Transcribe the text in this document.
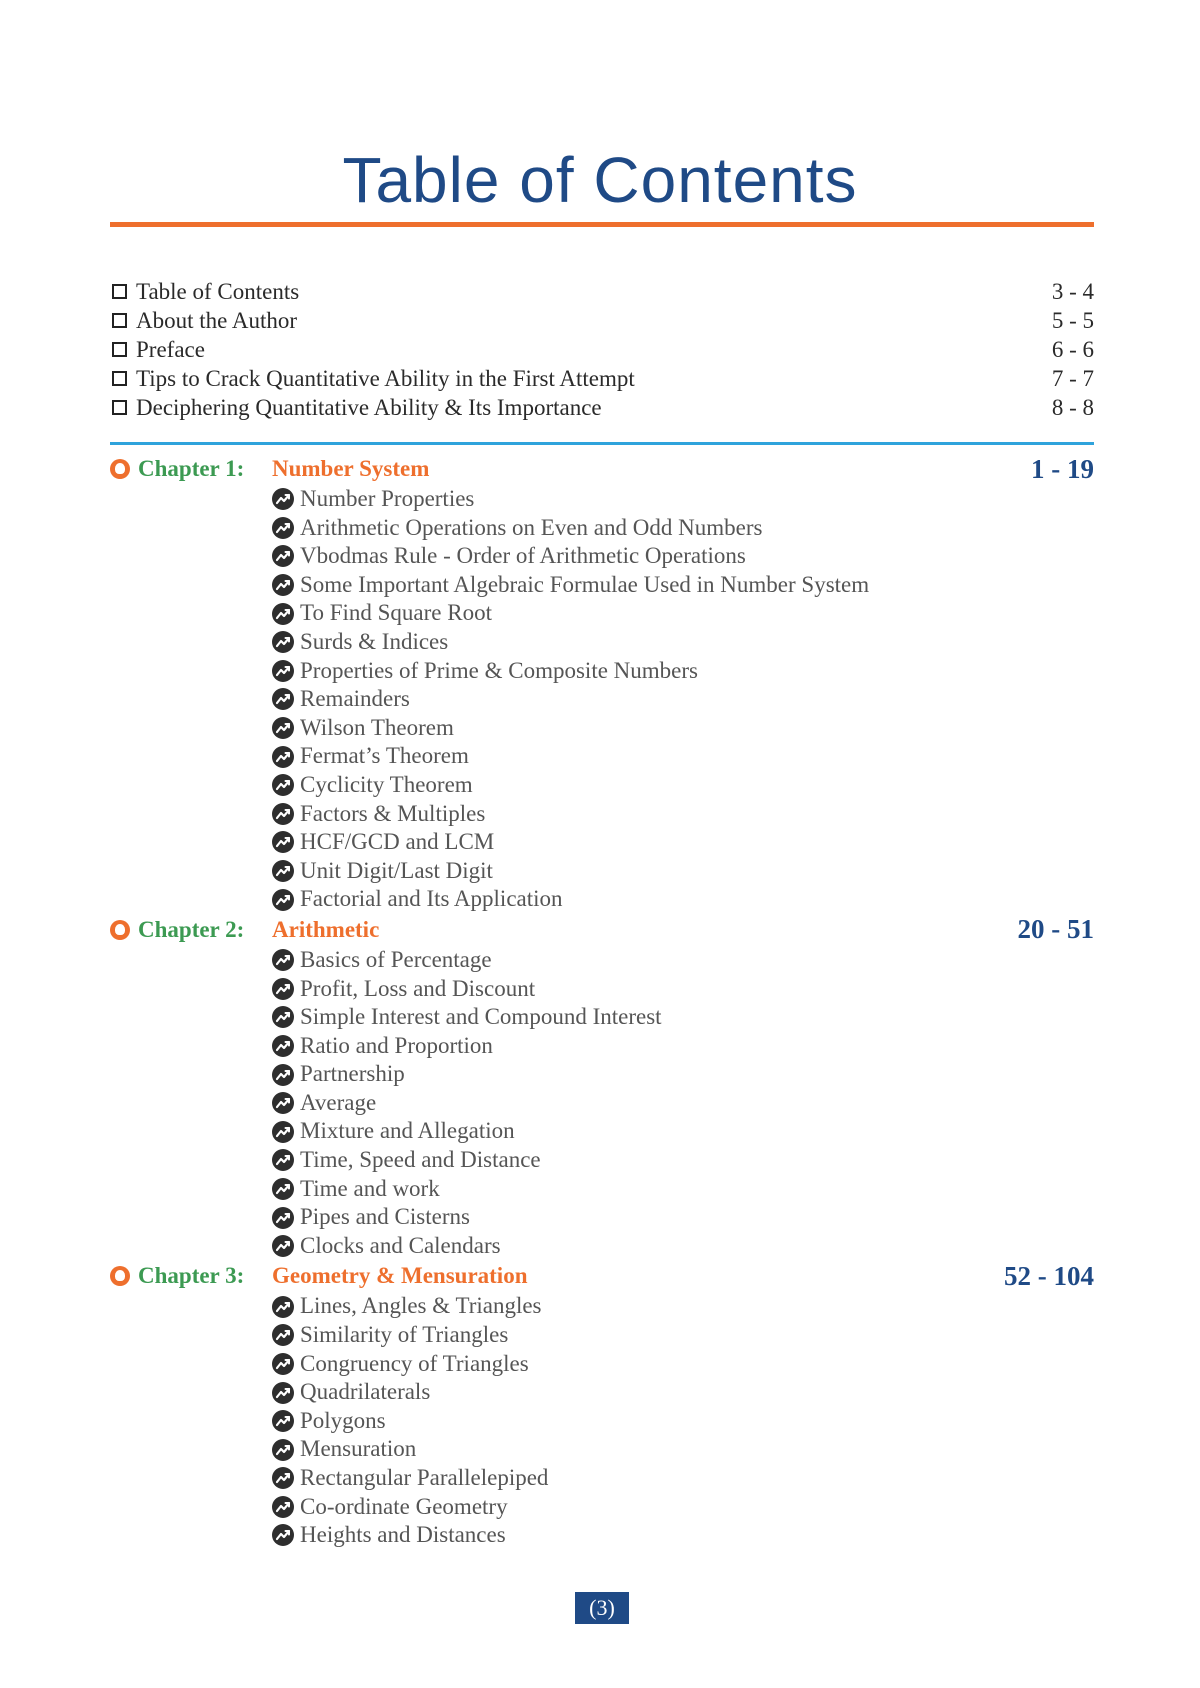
Table of Contents
Table of Contents	3 - 4
About the Author	5 - 5
Preface	6 - 6
Tips to Crack Quantitative Ability in the First Attempt	7 - 7
Deciphering Quantitative Ability & Its Importance	8 - 8
Chapter 1:	Number System	1 - 19
Number Properties
Arithmetic Operations on Even and Odd Numbers
Vbodmas Rule - Order of Arithmetic Operations
Some Important Algebraic Formulae Used in Number System
To Find Square Root
Surds & Indices
Properties of Prime & Composite Numbers
Remainders
Wilson Theorem
Fermat’s Theorem
Cyclicity Theorem
Factors & Multiples
HCF/GCD and LCM
Unit Digit/Last Digit
Factorial and Its Application
Chapter 2:	Arithmetic	20 - 51
Basics of Percentage
Profit, Loss and Discount
Simple Interest and Compound Interest
Ratio and Proportion
Partnership
Average
Mixture and Allegation
Time, Speed and Distance
Time and work
Pipes and Cisterns
Clocks and Calendars
Chapter 3:	Geometry & Mensuration	52 - 104
Lines, Angles & Triangles
Similarity of Triangles
Congruency of Triangles
Quadrilaterals
Polygons
Mensuration
Rectangular Parallelepiped
Co-ordinate Geometry
Heights and Distances
(3)
